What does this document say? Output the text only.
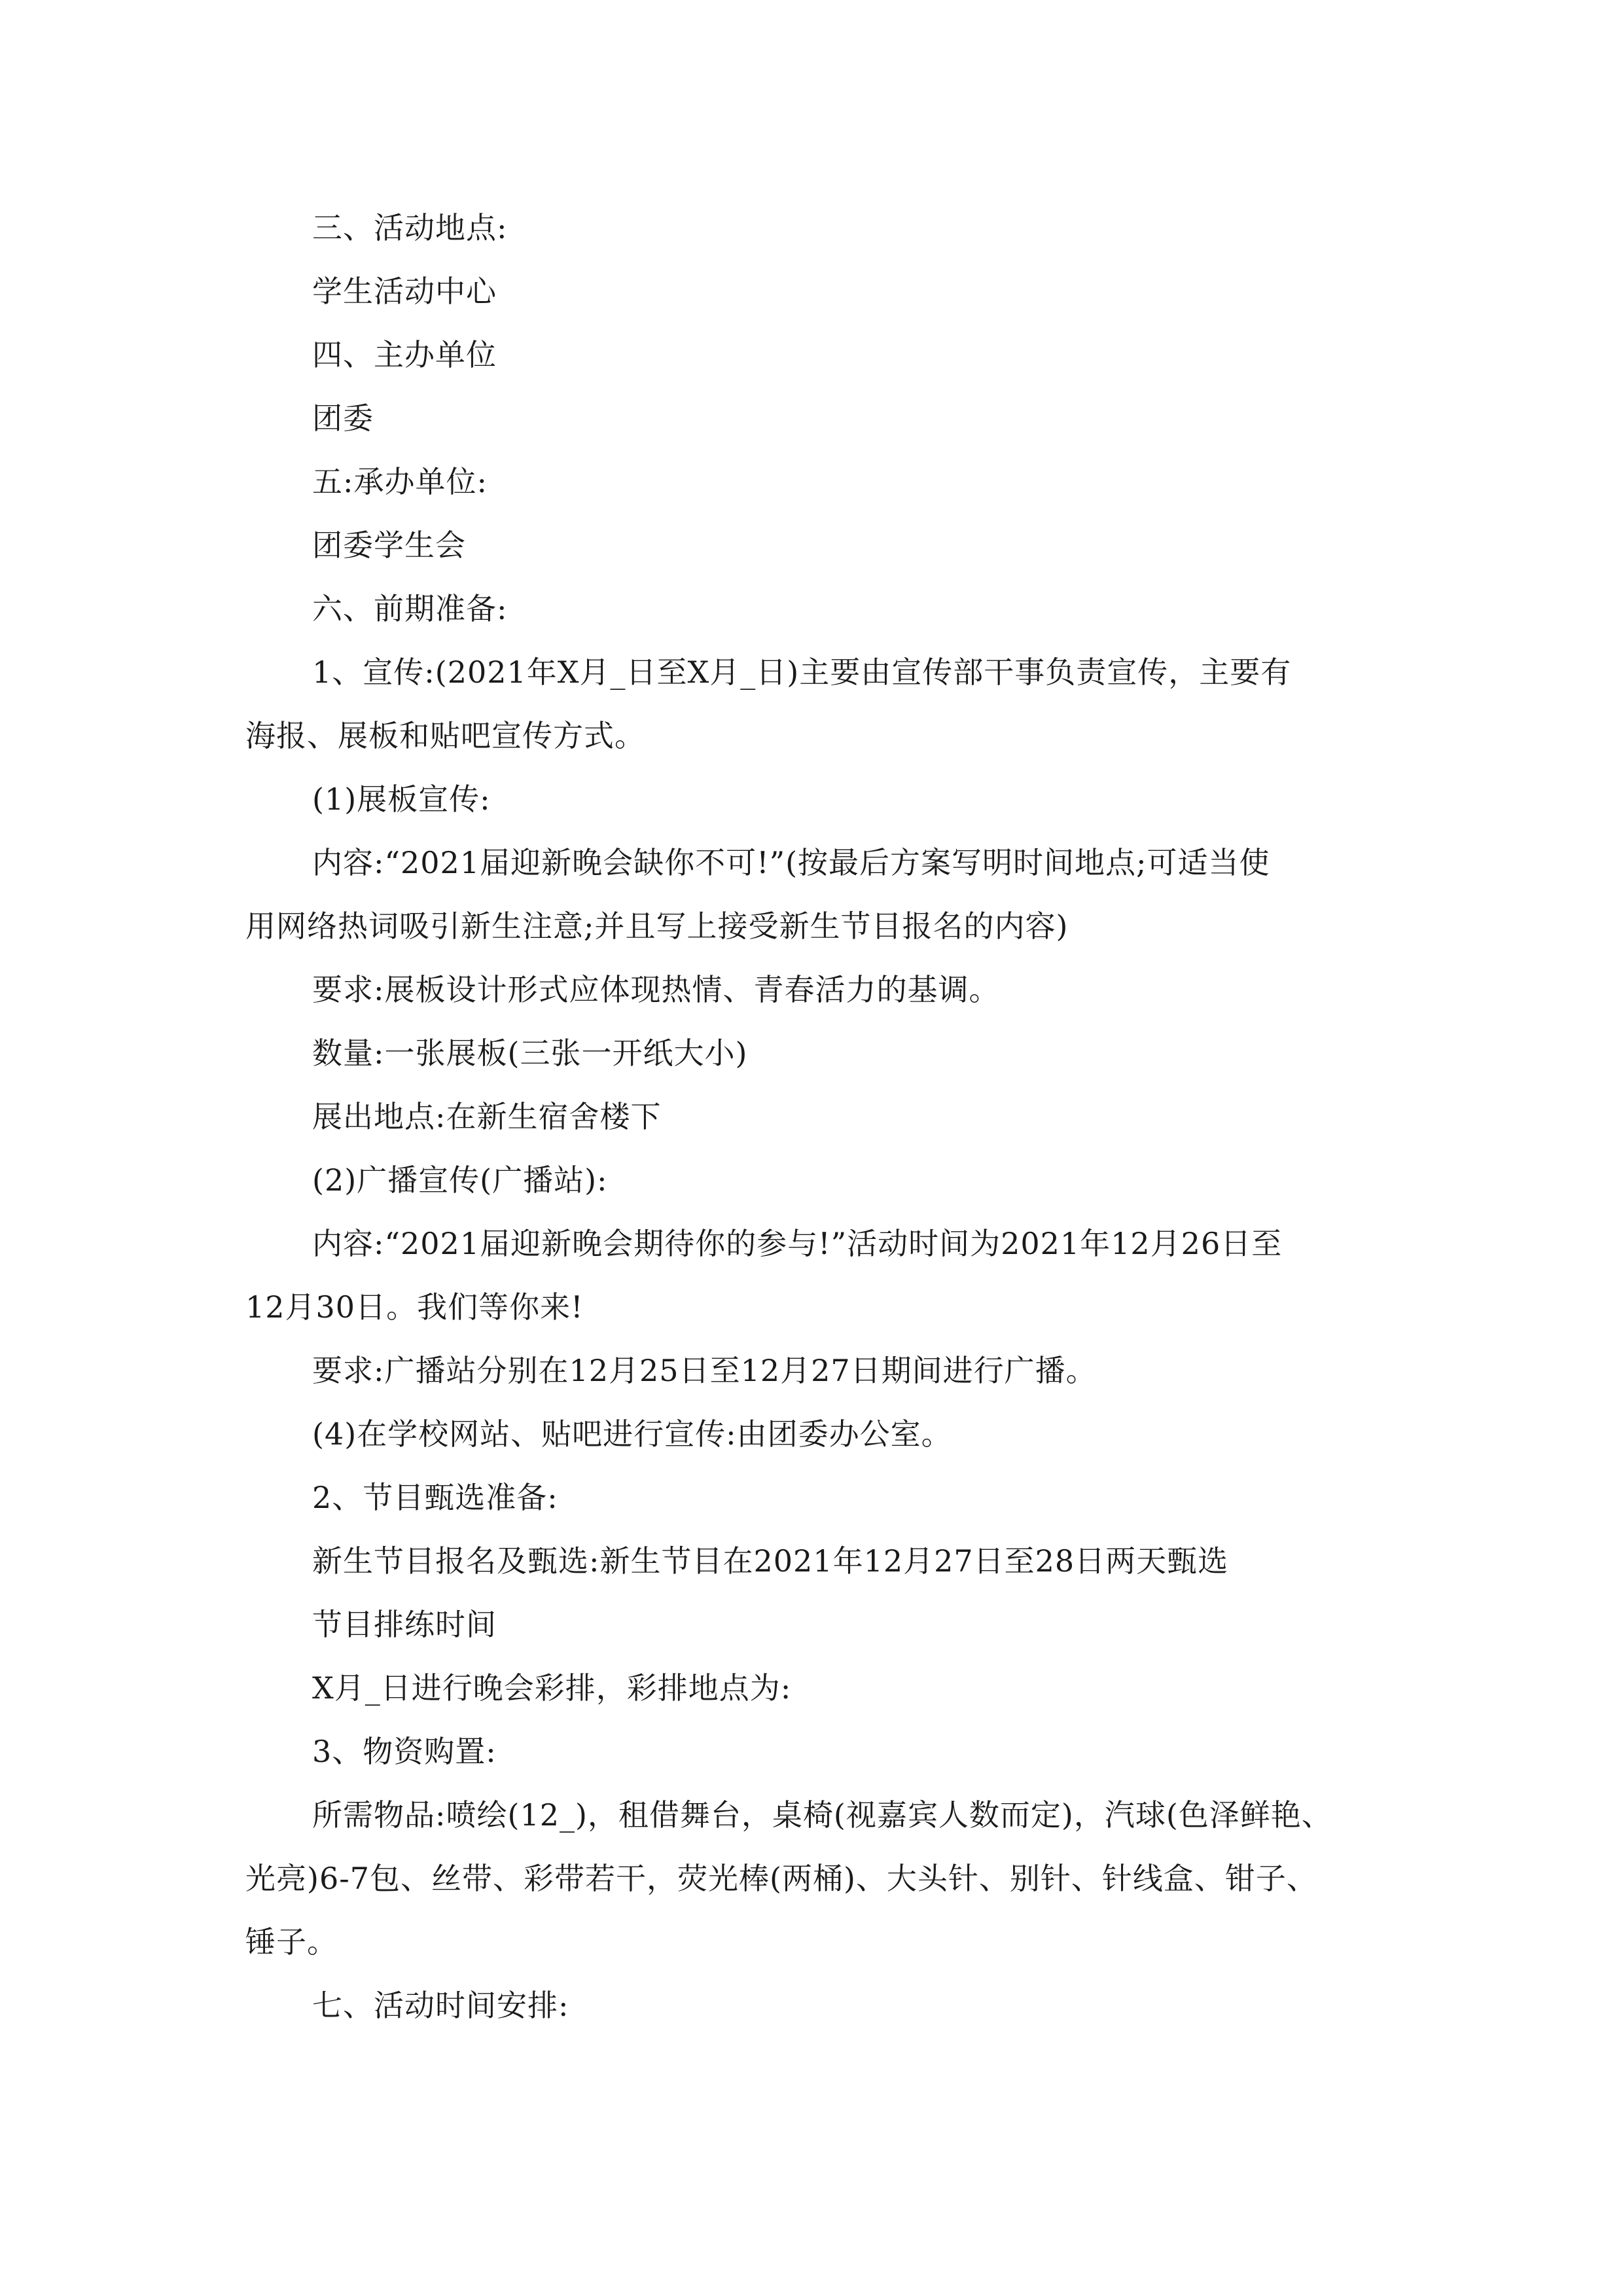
三、活动地点:
学生活动中心
四、主办单位
团委
五:承办单位:
团委学生会
六、前期准备:
1、宣传:(2021年X月_日至X月_日)主要由宣传部干事负责宣传，主要有
海报、展板和贴吧宣传方式。
(1)展板宣传:
内容:“2021届迎新晚会缺你不可!”(按最后方案写明时间地点;可适当使
用网络热词吸引新生注意;并且写上接受新生节目报名的内容)
要求:展板设计形式应体现热情、青春活力的基调。
数量:一张展板(三张一开纸大小)
展出地点:在新生宿舍楼下
(2)广播宣传(广播站):
内容:“2021届迎新晚会期待你的参与!”活动时间为2021年12月26日至
12月30日。我们等你来!
要求:广播站分别在12月25日至12月27日期间进行广播。
(4)在学校网站、贴吧进行宣传:由团委办公室。
2、节目甄选准备:
新生节目报名及甄选:新生节目在2021年12月27日至28日两天甄选
节目排练时间
X月_日进行晚会彩排，彩排地点为:
3、物资购置:
所需物品:喷绘(12_)，租借舞台，桌椅(视嘉宾人数而定)，汽球(色泽鲜艳、
光亮)6-7包、丝带、彩带若干，荧光棒(两桶)、大头针、别针、针线盒、钳子、
锤子。
七、活动时间安排:
